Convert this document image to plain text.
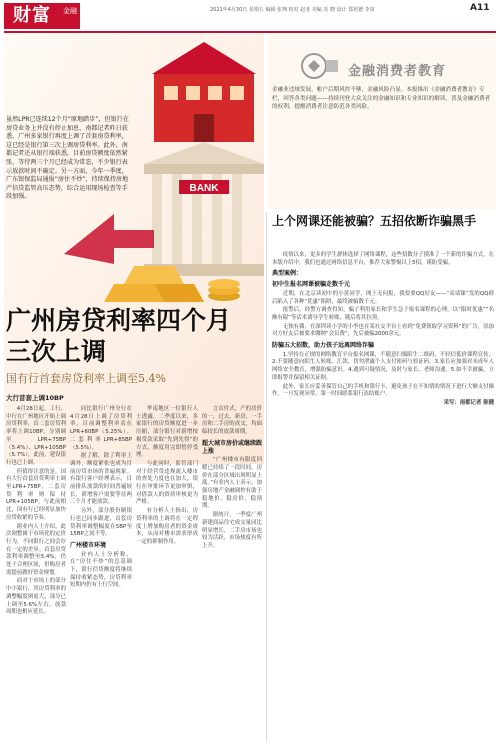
财富	金融	2021年4月30日 星期五 编辑 张翔 校对 赵亚 美编 苏 晓 设计 郑培德 李苗	A11
BANK

虽然LPR已连续12个月“原地踏步”，但银行在房贷业务上并没有停止加息，南都记者昨日获悉，广州多家银行再度上调了首套房贷利率，这已经是银行第三次上调房贷利率。此外，南都记者还从银行端获悉，目前房贷额度依然紧张，等待两三个月已经成为常态，不少银行表示放款时间不确定。另一方面，今年一季度，广东银保监局通报“房住不炒”，持续保持房地产信贷监管高压态势，综合运用现场检查等手段加强。

广州房贷利率四个月三次上调
国有行首套房贷利率上调至5.4%
大行首套上调10BP

4月28日起，工行、中行在广州地区开始上调房贷利率，首二套房贷利率将上调10BP，分别调至LPR+75BP（5.4%）、LPR+105BP（5.7%），此前，建设银行也已上调。

但值得注意的是，国有大行首套房贷利率上调至LPR+75BP，二套房贷利率则保持LPR+105BP。与此前相比，国有行已经明显加快房贷收紧的节奏。

据业内人士介绍，此次调整属于市场化的定价行为，不同银行之间会存在一定的差异。首套房贷款利率调整至5.4%，仍处于合理区间，但购房者需提前做好资金规划。

而对于市场上的部分中小银行，其房贷利率的调整幅度则更大，部分已上调至5.6%左右，放款周期也相应延长。

同比银行广州分行在4月28日上调了房贷利率，目前调整利率表在LPR+60BP（5.25%）。二套利率LPR+85BP（5.5%）。

据了解，除了利率上调外，额度紧张也成为目前房贷市场的普遍现象。有银行客户经理表示，目前排队放款的时间普遍较长，新增客户需要等待两三个月才能放款。

另外，部分股份制银行也已同步跟进，首套房贷利率调整幅度在5BP至15BP之间不等。

广州楼市环境

业内人士分析称，在“房住不炒”的总基调下，银行信贷额度将继续保持收紧态势，房贷利率短期内仍有上行空间。

华南地区一位银行人士透露，二季度以来，多家银行的房贷额度进一步压缩，部分银行对新增按揭贷款采取“先到先得”的方式，额度用完即暂停受理。

与此同时，监管部门对于经营贷违规流入楼市的查处力度也在加大，银行在审批环节更加审慎，对借款人的资质审核更为严格。

有分析人士指出，房贷利率的上调将在一定程度上增加购房者的资金成本，从而对楼市需求形成一定的抑制作用。

言首付式，产的房价的一，过去，新房、一手房和二手房的成交，均面临较长的放款周期。

超大城市房价或继续跟上涨

“广州楼市有限度回暖已持续了一段时间，房价在部分区域出现明显上涨。”有业内人士表示，加强房地产金融调控有助于稳地价、稳房价、稳预期。

据统计，一季度广州新建商品住宅成交量同比明显增长，二手房市场也较为活跃，市场热度有所上升。

金融消费者教育
金融业违规发展，帐户后期风控不够，金融风险凸显。本报推出《金融消费者教育》专栏，回答各类问题——持续刊登大众关注的金融知识和专业知识的解读，普及金融消费者的权利，提醒消费者注意防范各类风险。
上个网课还能被骗？五招依断诈骗黑手

疫情以来，更多的学生群体选择了网络课程，这些招数分子摸准了一个新的诈骗方式。在本版介绍中，我们也通过网络信息平台，推荐大家警惕以上5招，谨防受骗。

典型案例：
初中生报名网课被骗走数千元

近期，在北京读初中的小黄同学，网上无问报，我要要QQ好友——“高请课”发的QQ群后陷入了各种“优惠”陷阱，最终被骗数千元。

报警后，经警方调查得知，骗子利用家长和学生急于报名课程的心理，以“限时优惠”“名额有限”等话术诱导学生转账，随后将其拉黑。

无独有偶，在深圳读小学的小李也在某社交平台上看到“免费领取学习资料”的广告，添加对方好友后被要求缴纳“会员费”，先后被骗2000余元。

防骗五大招数，助力孩子远离网络诈骗

1.坚持在正规的网络教育平台报名网课，不随意扫描陌生二维码，不轻信低价课程宣传。2.不要随意向陌生人转账、汇款，切勿泄露个人支付密码与验证码。3.家长应加强对未成年人网络安全教育，增强防骗意识。4.遇到可疑情况，及时与家长、老师沟通。5.如不幸被骗，立即报警并保留相关证据。

此外，家长应妥善保管自己的手机和银行卡，避免孩子在不知情的情况下进行大额支付操作。一旦发现异常，第一时间联系银行冻结账户。

采写：南都记者 陈健
